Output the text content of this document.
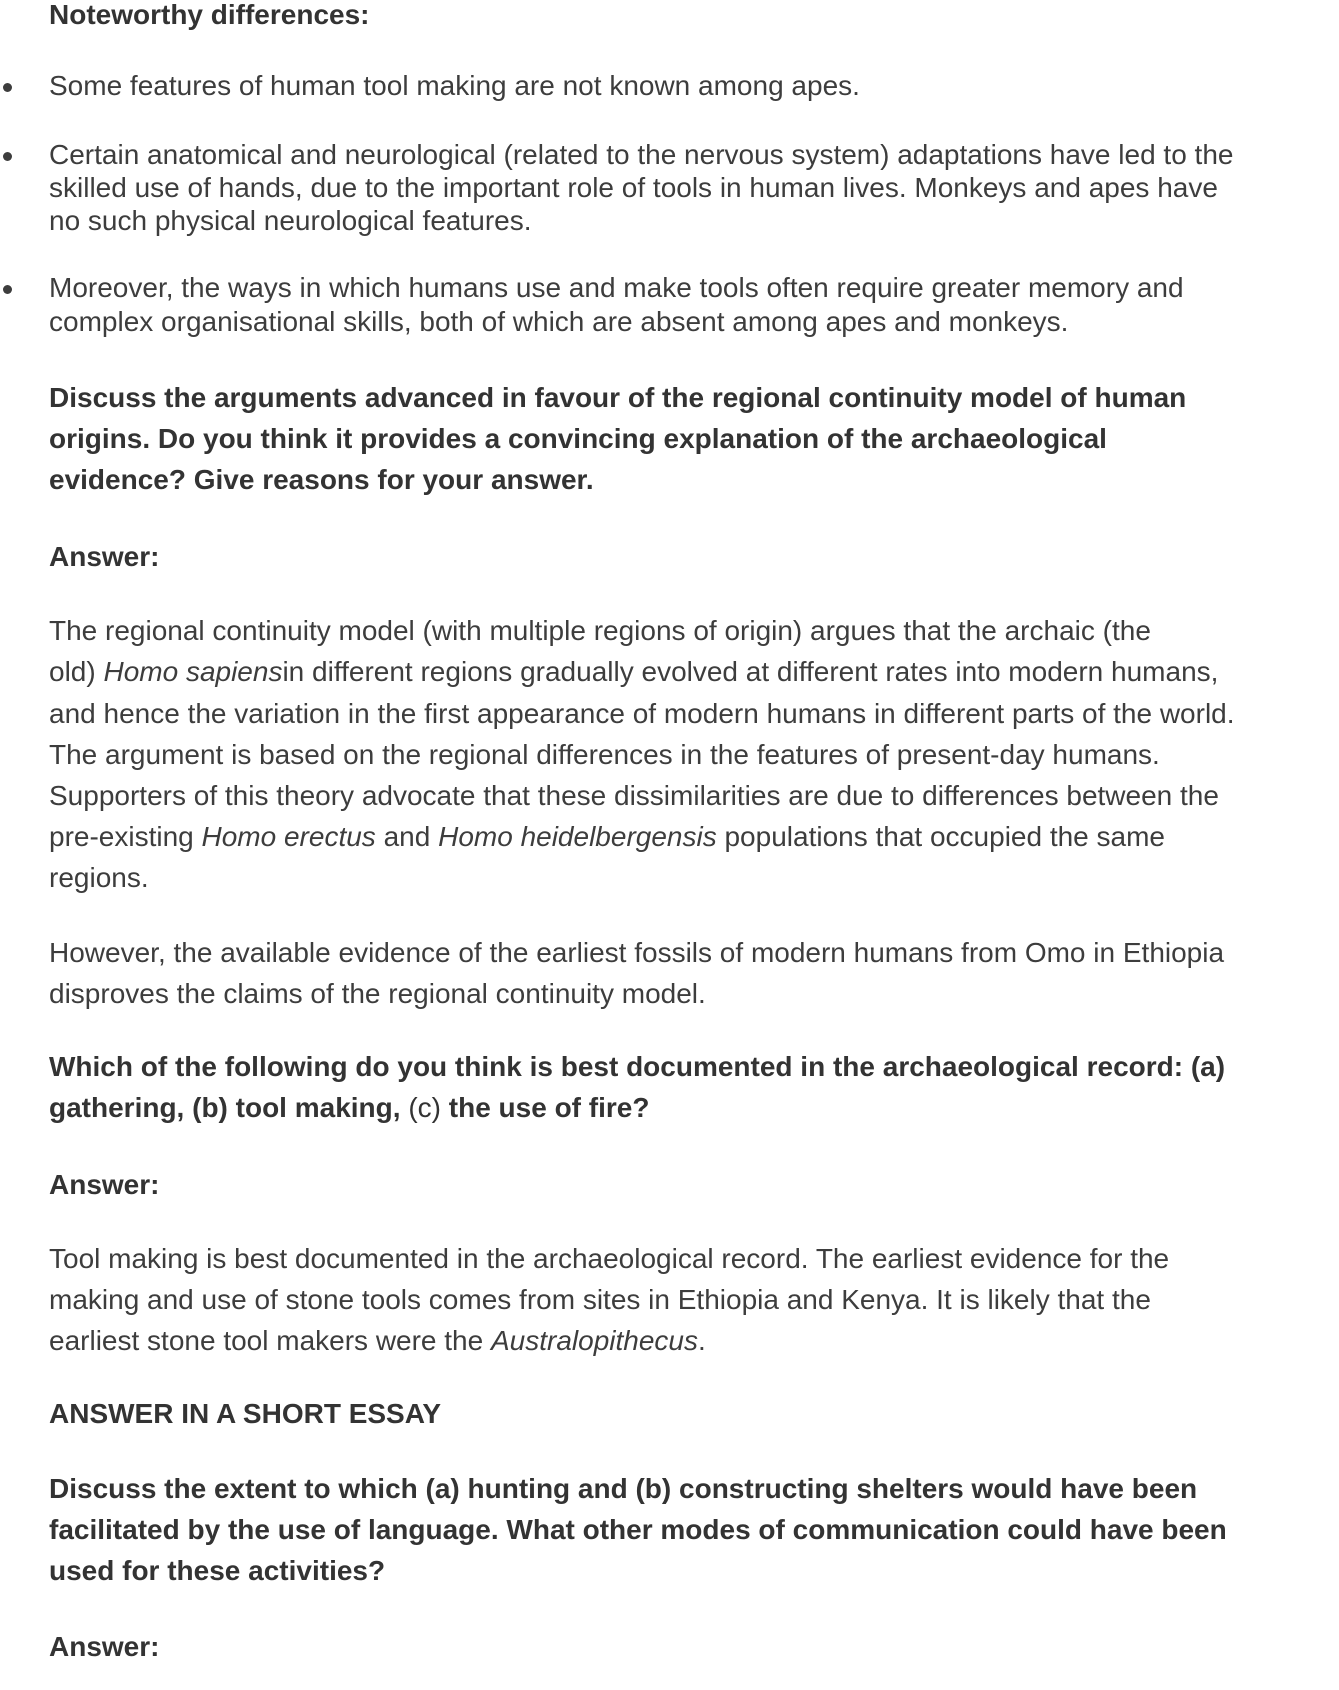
Noteworthy differences:

Some features of human tool making are not known among apes.

Certain anatomical and neurological (related to the nervous system) adaptations have led to the

skilled use of hands, due to the important role of tools in human lives. Monkeys and apes have

no such physical neurological features.

Moreover, the ways in which humans use and make tools often require greater memory and

complex organisational skills, both of which are absent among apes and monkeys.

Discuss the arguments advanced in favour of the regional continuity model of human

origins. Do you think it provides a convincing explanation of the archaeological

evidence? Give reasons for your answer.

Answer:

The regional continuity model (with multiple regions of origin) argues that the archaic (the

old) Homo sapiensin different regions gradually evolved at different rates into modern humans,

and hence the variation in the first appearance of modern humans in different parts of the world.

The argument is based on the regional differences in the features of present-day humans.

Supporters of this theory advocate that these dissimilarities are due to differences between the

pre-existing Homo erectus and Homo heidelbergensis populations that occupied the same

regions.

However, the available evidence of the earliest fossils of modern humans from Omo in Ethiopia

disproves the claims of the regional continuity model.

Which of the following do you think is best documented in the archaeological record: (a)

gathering, (b) tool making, (c) the use of fire?

Answer:

Tool making is best documented in the archaeological record. The earliest evidence for the

making and use of stone tools comes from sites in Ethiopia and Kenya. It is likely that the

earliest stone tool makers were the Australopithecus.

ANSWER IN A SHORT ESSAY

Discuss the extent to which (a) hunting and (b) constructing shelters would have been

facilitated by the use of language. What other modes of communication could have been

used for these activities?

Answer:
